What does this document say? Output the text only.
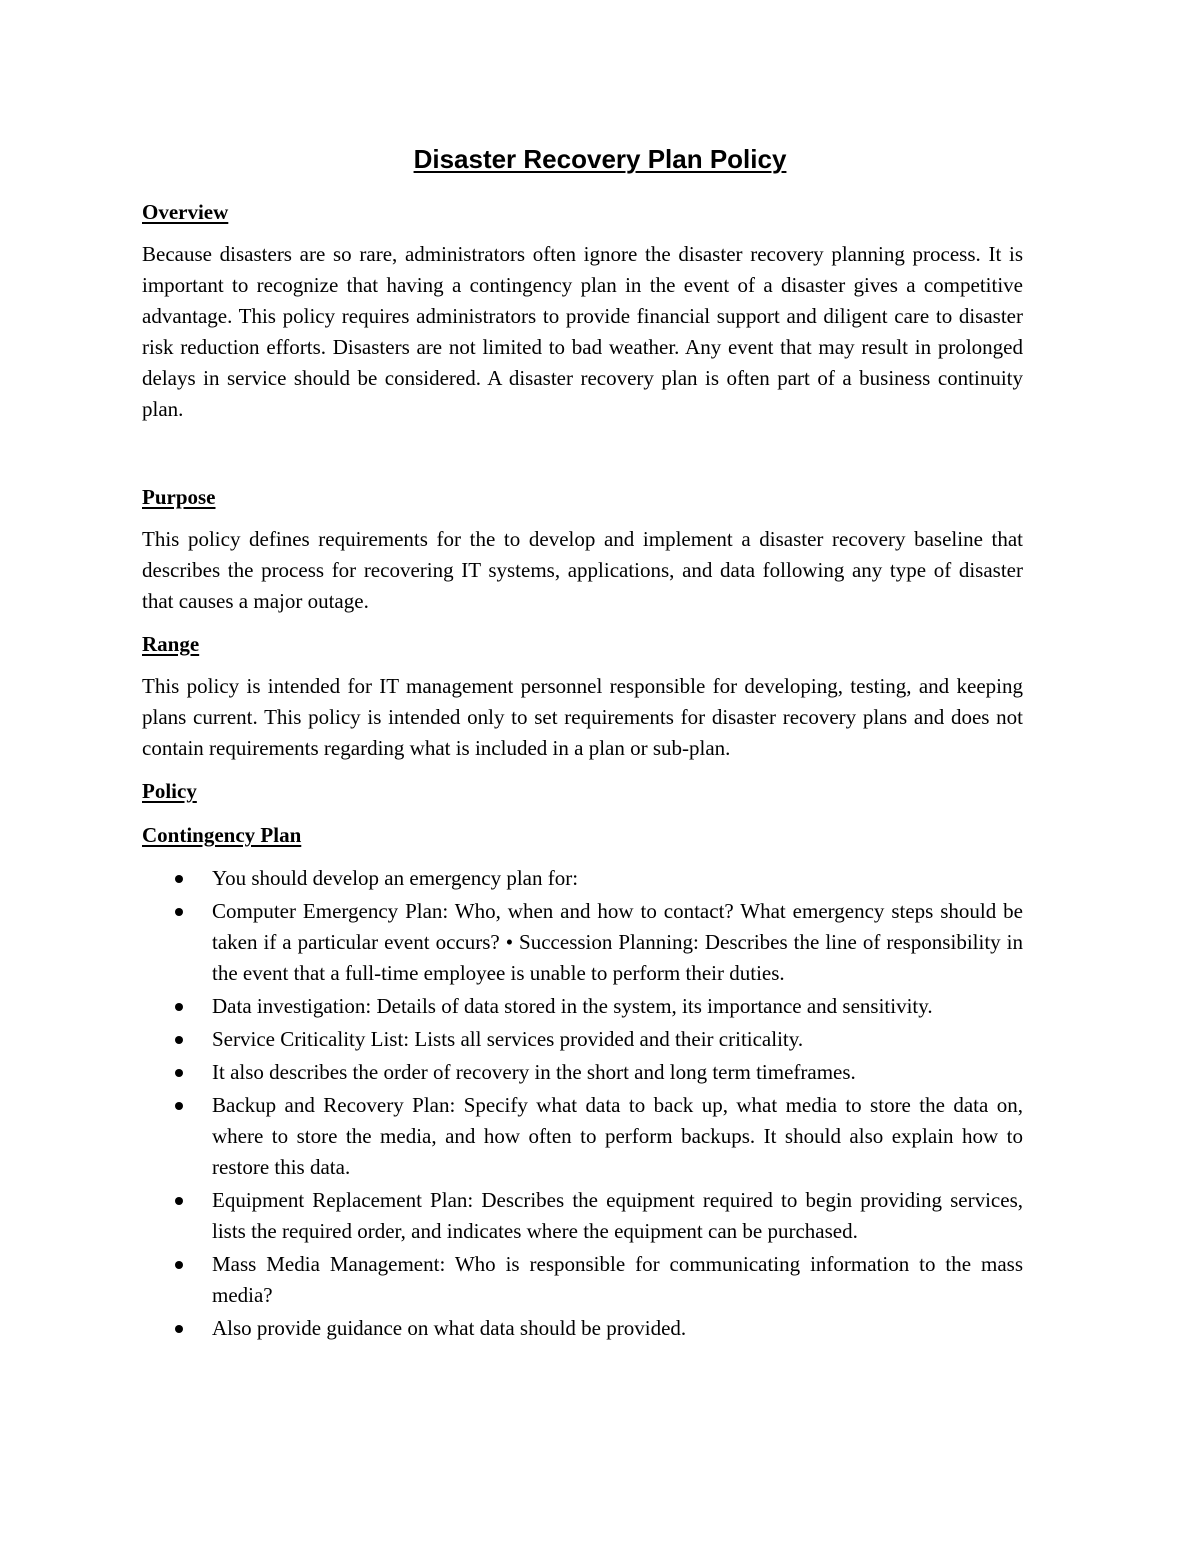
Disaster Recovery Plan Policy
Overview
Because disasters are so rare, administrators often ignore the disaster recovery planning process. It is important to recognize that having a contingency plan in the event of a disaster gives a competitive advantage. This policy requires administrators to provide financial support and diligent care to disaster risk reduction efforts. Disasters are not limited to bad weather. Any event that may result in prolonged delays in service should be considered. A disaster recovery plan is often part of a business continuity plan.
Purpose
This policy defines requirements for the to develop and implement a disaster recovery baseline that describes the process for recovering IT systems, applications, and data following any type of disaster that causes a major outage.
Range
This policy is intended for IT management personnel responsible for developing, testing, and keeping plans current. This policy is intended only to set requirements for disaster recovery plans and does not contain requirements regarding what is included in a plan or sub-plan.
Policy
Contingency Plan
You should develop an emergency plan for:
Computer Emergency Plan: Who, when and how to contact? What emergency steps should be taken if a particular event occurs? • Succession Planning: Describes the line of responsibility in the event that a full-time employee is unable to perform their duties.
Data investigation: Details of data stored in the system, its importance and sensitivity.
Service Criticality List: Lists all services provided and their criticality.
It also describes the order of recovery in the short and long term timeframes.
Backup and Recovery Plan: Specify what data to back up, what media to store the data on, where to store the media, and how often to perform backups. It should also explain how to restore this data.
Equipment Replacement Plan: Describes the equipment required to begin providing services, lists the required order, and indicates where the equipment can be purchased.
Mass Media Management: Who is responsible for communicating information to the mass media?
Also provide guidance on what data should be provided.
